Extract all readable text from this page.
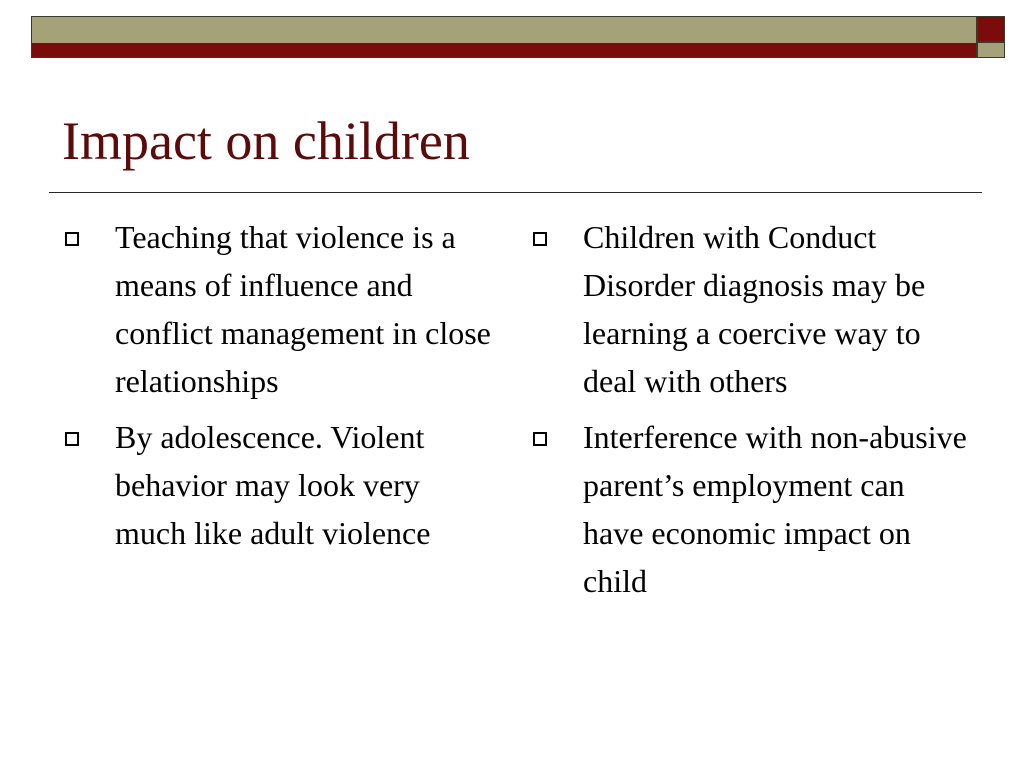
Impact on children
Teaching that violence is a means of influence and conflict management in close relationships
By adolescence. Violent behavior may look very much like adult violence
Children with Conduct Disorder diagnosis may be learning a coercive way to deal with others
Interference with non-abusive parent’s employment can have economic impact on child
